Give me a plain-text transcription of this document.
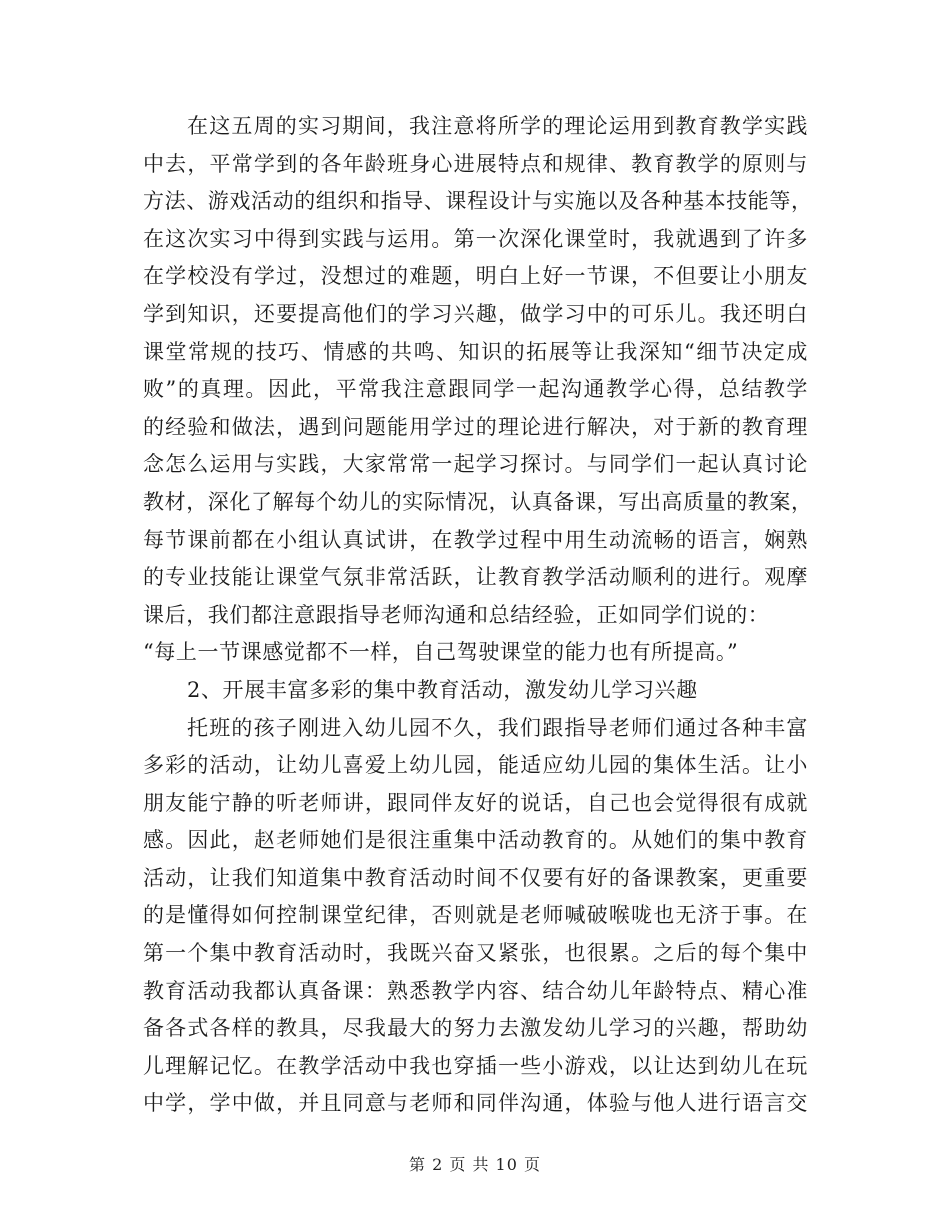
在这五周的实习期间，我注意将所学的理论运用到教育教学实践
中去，平常学到的各年龄班身心进展特点和规律、教育教学的原则与
方法、游戏活动的组织和指导、课程设计与实施以及各种基本技能等，
在这次实习中得到实践与运用。第一次深化课堂时，我就遇到了许多
在学校没有学过，没想过的难题，明白上好一节课，不但要让小朋友
学到知识，还要提高他们的学习兴趣，做学习中的可乐儿。我还明白
课堂常规的技巧、情感的共鸣、知识的拓展等让我深知“细节决定成
败”的真理。因此，平常我注意跟同学一起沟通教学心得，总结教学
的经验和做法，遇到问题能用学过的理论进行解决，对于新的教育理
念怎么运用与实践，大家常常一起学习探讨。与同学们一起认真讨论
教材，深化了解每个幼儿的实际情况，认真备课，写出高质量的教案，
每节课前都在小组认真试讲，在教学过程中用生动流畅的语言，娴熟
的专业技能让课堂气氛非常活跃，让教育教学活动顺利的进行。观摩
课后，我们都注意跟指导老师沟通和总结经验，正如同学们说的：
“每上一节课感觉都不一样，自己驾驶课堂的能力也有所提高。”
2、开展丰富多彩的集中教育活动，激发幼儿学习兴趣
托班的孩子刚进入幼儿园不久，我们跟指导老师们通过各种丰富
多彩的活动，让幼儿喜爱上幼儿园，能适应幼儿园的集体生活。让小
朋友能宁静的听老师讲，跟同伴友好的说话，自己也会觉得很有成就
感。因此，赵老师她们是很注重集中活动教育的。从她们的集中教育
活动，让我们知道集中教育活动时间不仅要有好的备课教案，更重要
的是懂得如何控制课堂纪律，否则就是老师喊破喉咙也无济于事。在
第一个集中教育活动时，我既兴奋又紧张，也很累。之后的每个集中
教育活动我都认真备课：熟悉教学内容、结合幼儿年龄特点、精心准
备各式各样的教具，尽我最大的努力去激发幼儿学习的兴趣，帮助幼
儿理解记忆。在教学活动中我也穿插一些小游戏，以让达到幼儿在玩
中学，学中做，并且同意与老师和同伴沟通，体验与他人进行语言交
第 2 页 共 10 页
